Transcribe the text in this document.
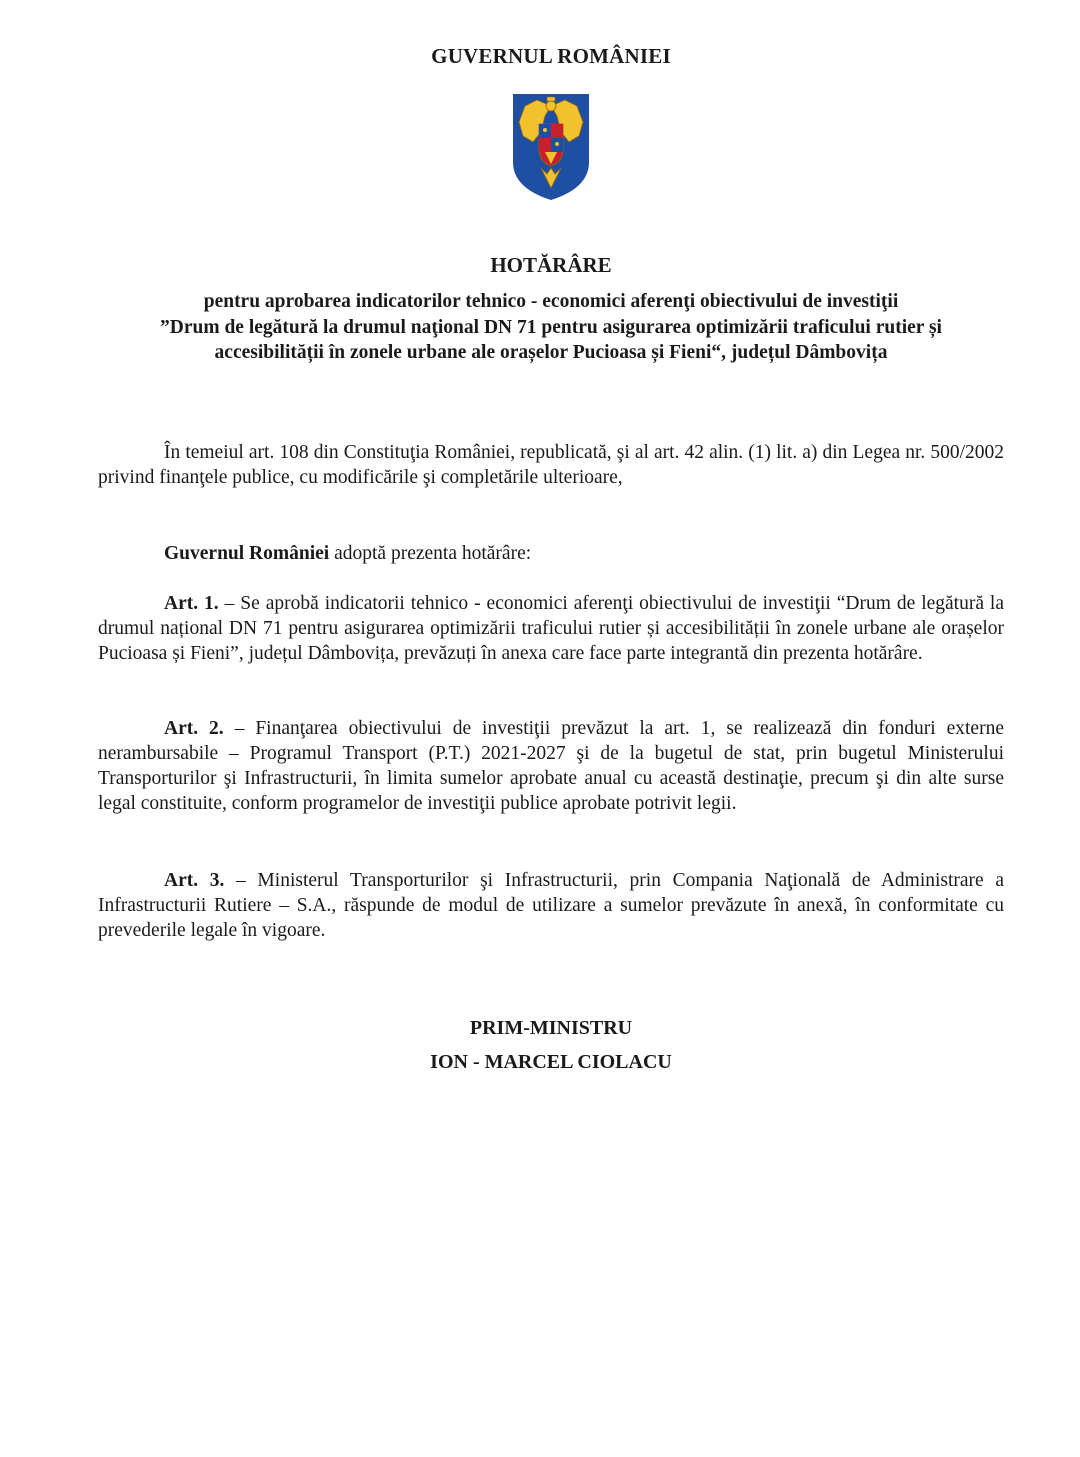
GUVERNUL ROMÂNIEI
HOTĂRÂRE
pentru aprobarea indicatorilor tehnico - economici aferenţi obiectivului de investiţii
”Drum de legătură la drumul naţional DN 71 pentru asigurarea optimizării traficului rutier și
accesibilității în zonele urbane ale orașelor Pucioasa și Fieni“, județul Dâmbovița
În temeiul art. 108 din Constituţia României, republicată, şi al art. 42 alin. (1) lit. a) din Legea nr. 500/2002 privind finanţele publice, cu modificările şi completările ulterioare,
Guvernul României adoptă prezenta hotărâre:
Art. 1. – Se aprobă indicatorii tehnico - economici aferenţi obiectivului de investiţii “Drum de legătură la drumul național DN 71 pentru asigurarea optimizării traficului rutier și accesibilității în zonele urbane ale orașelor Pucioasa și Fieni”, județul Dâmbovița, prevăzuți în anexa care face parte integrantă din prezenta hotărâre.
Art. 2. – Finanţarea obiectivului de investiţii prevăzut la art. 1, se realizează din fonduri externe nerambursabile – Programul Transport (P.T.) 2021-2027 şi de la bugetul de stat, prin bugetul Ministerului Transporturilor şi Infrastructurii, în limita sumelor aprobate anual cu această destinaţie, precum şi din alte surse legal constituite, conform programelor de investiţii publice aprobate potrivit legii.
Art. 3. – Ministerul Transporturilor şi Infrastructurii, prin Compania Naţională de Administrare a Infrastructurii Rutiere – S.A., răspunde de modul de utilizare a sumelor prevăzute în anexă, în conformitate cu prevederile legale în vigoare.
PRIM-MINISTRU
ION - MARCEL CIOLACU
